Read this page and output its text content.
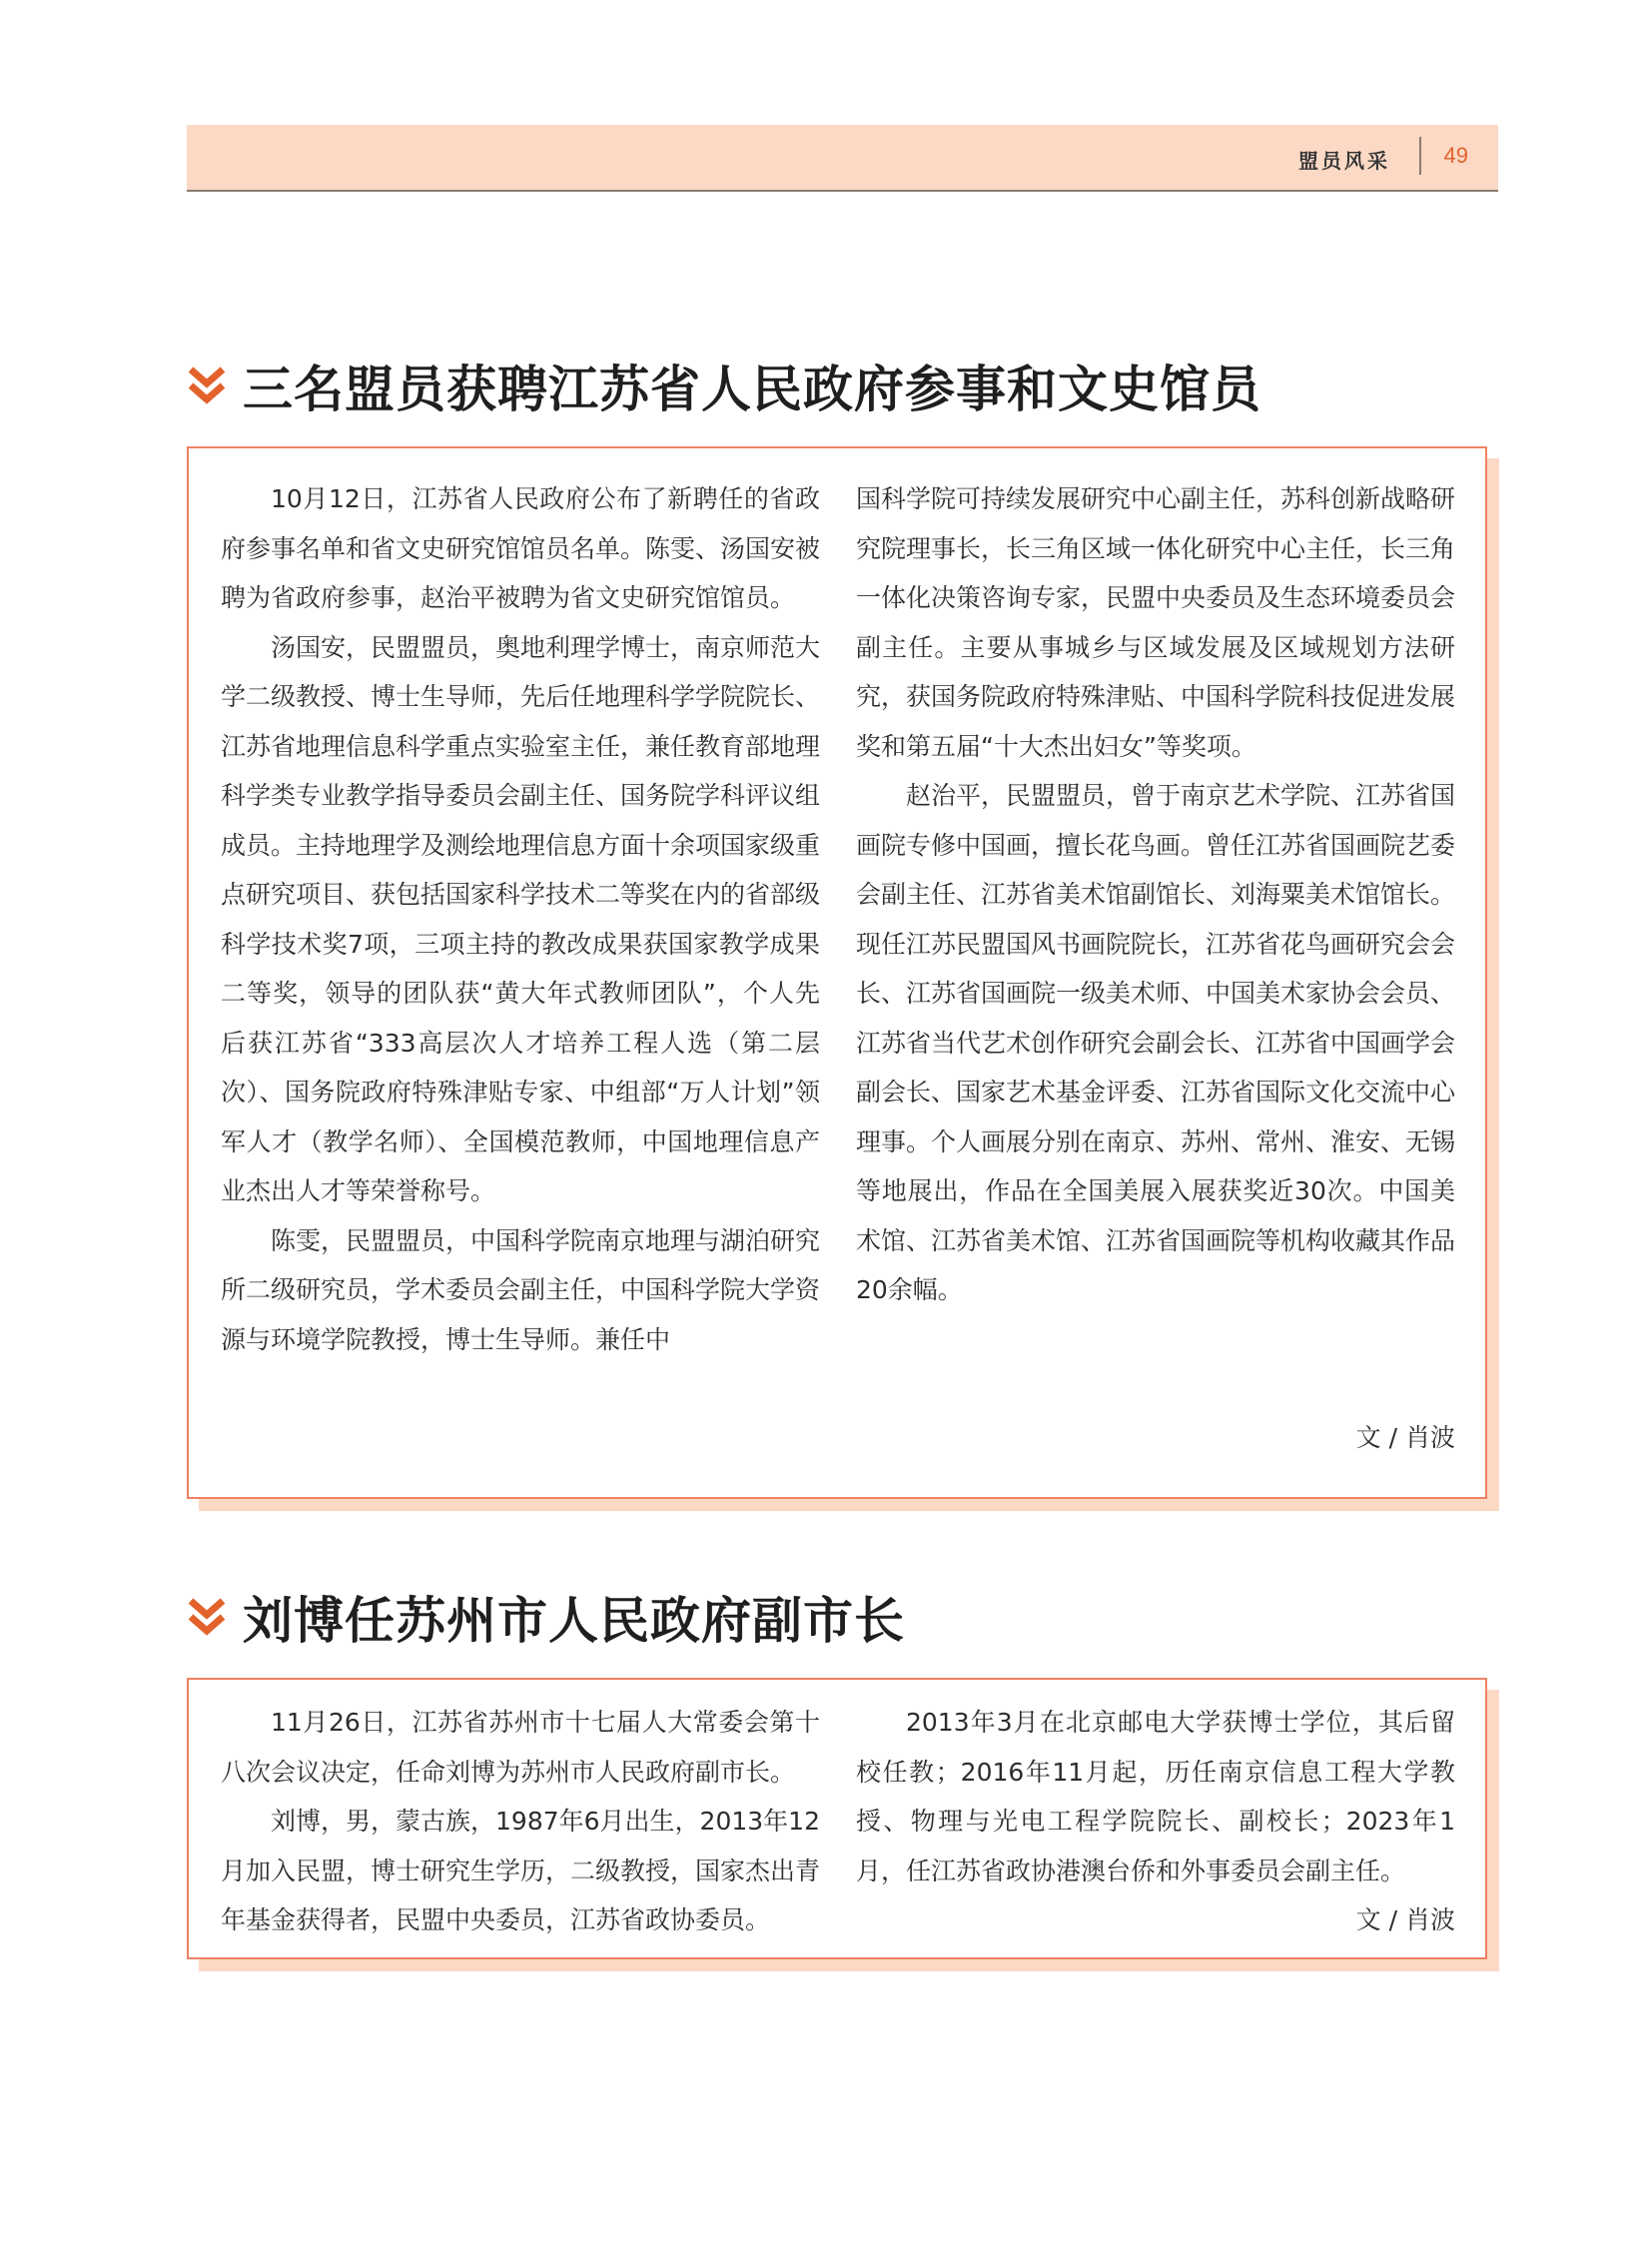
盟员风采 49
三名盟员获聘江苏省人民政府参事和文史馆员

10月12日，江苏省人民政府公布了新聘任的省政府参事名单和省文史研究馆馆员名单。陈雯、汤国安被聘为省政府参事，赵治平被聘为省文史研究馆馆员。

汤国安，民盟盟员，奥地利理学博士，南京师范大学二级教授、博士生导师，先后任地理科学学院院长、江苏省地理信息科学重点实验室主任，兼任教育部地理科学类专业教学指导委员会副主任、国务院学科评议组成员。主持地理学及测绘地理信息方面十余项国家级重点研究项目、获包括国家科学技术二等奖在内的省部级科学技术奖7项，三项主持的教改成果获国家教学成果二等奖，领导的团队获“黄大年式教师团队”，个人先后获江苏省“333高层次人才培养工程人选（第二层次）、国务院政府特殊津贴专家、中组部“万人计划”领军人才（教学名师）、全国模范教师，中国地理信息产业杰出人才等荣誉称号。

陈雯，民盟盟员，中国科学院南京地理与湖泊研究所二级研究员，学术委员会副主任，中国科学院大学资源与环境学院教授，博士生导师。兼任中

国科学院可持续发展研究中心副主任，苏科创新战略研究院理事长，长三角区域一体化研究中心主任，长三角一体化决策咨询专家，民盟中央委员及生态环境委员会副主任。主要从事城乡与区域发展及区域规划方法研究，获国务院政府特殊津贴、中国科学院科技促进发展奖和第五届“十大杰出妇女”等奖项。

赵治平，民盟盟员，曾于南京艺术学院、江苏省国画院专修中国画，擅长花鸟画。曾任江苏省国画院艺委会副主任、江苏省美术馆副馆长、刘海粟美术馆馆长。现任江苏民盟国风书画院院长，江苏省花鸟画研究会会长、江苏省国画院一级美术师、中国美术家协会会员、江苏省当代艺术创作研究会副会长、江苏省中国画学会副会长、国家艺术基金评委、江苏省国际文化交流中心理事。个人画展分别在南京、苏州、常州、淮安、无锡等地展出，作品在全国美展入展获奖近30次。中国美术馆、江苏省美术馆、江苏省国画院等机构收藏其作品20余幅。

文 / 肖波
刘博任苏州市人民政府副市长

11月26日，江苏省苏州市十七届人大常委会第十八次会议决定，任命刘博为苏州市人民政府副市长。

刘博，男，蒙古族，1987年6月出生，2013年12月加入民盟，博士研究生学历，二级教授，国家杰出青年基金获得者，民盟中央委员，江苏省政协委员。

2013年3月在北京邮电大学获博士学位，其后留校任教；2016年11月起，历任南京信息工程大学教授、物理与光电工程学院院长、副校长；2023年1月，任江苏省政协港澳台侨和外事委员会副主任。

文 / 肖波
